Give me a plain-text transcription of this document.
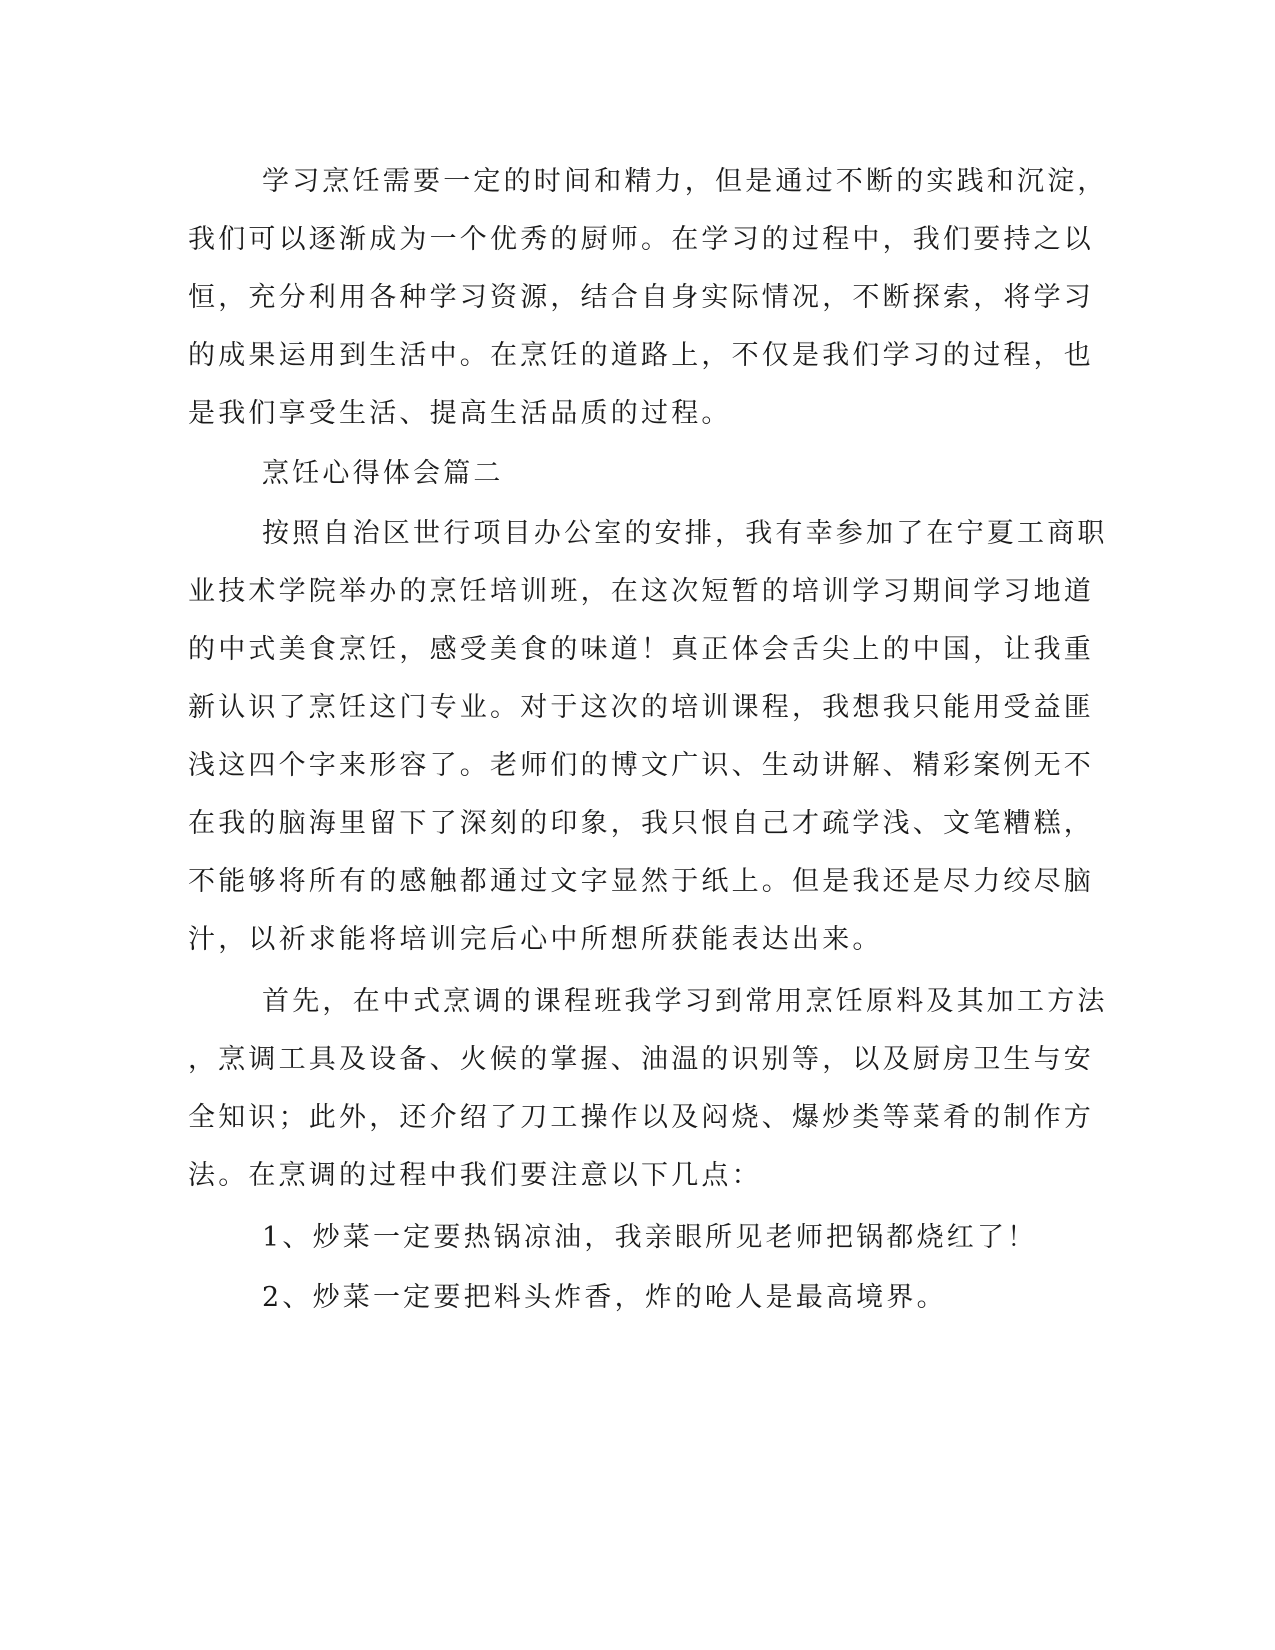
学习烹饪需要一定的时间和精力，但是通过不断的实践和沉淀，
我们可以逐渐成为一个优秀的厨师。在学习的过程中，我们要持之以
恒，充分利用各种学习资源，结合自身实际情况，不断探索，将学习
的成果运用到生活中。在烹饪的道路上，不仅是我们学习的过程，也
是我们享受生活、提高生活品质的过程。
烹饪心得体会篇二
按照自治区世行项目办公室的安排，我有幸参加了在宁夏工商职
业技术学院举办的烹饪培训班，在这次短暂的培训学习期间学习地道
的中式美食烹饪，感受美食的味道！真正体会舌尖上的中国，让我重
新认识了烹饪这门专业。对于这次的培训课程，我想我只能用受益匪
浅这四个字来形容了。老师们的博文广识、生动讲解、精彩案例无不
在我的脑海里留下了深刻的印象，我只恨自己才疏学浅、文笔糟糕，
不能够将所有的感触都通过文字显然于纸上。但是我还是尽力绞尽脑
汁，以祈求能将培训完后心中所想所获能表达出来。
首先，在中式烹调的课程班我学习到常用烹饪原料及其加工方法
，烹调工具及设备、火候的掌握、油温的识别等，以及厨房卫生与安
全知识；此外，还介绍了刀工操作以及闷烧、爆炒类等菜肴的制作方
法。在烹调的过程中我们要注意以下几点：
1、炒菜一定要热锅凉油，我亲眼所见老师把锅都烧红了！
2、炒菜一定要把料头炸香，炸的呛人是最高境界。
